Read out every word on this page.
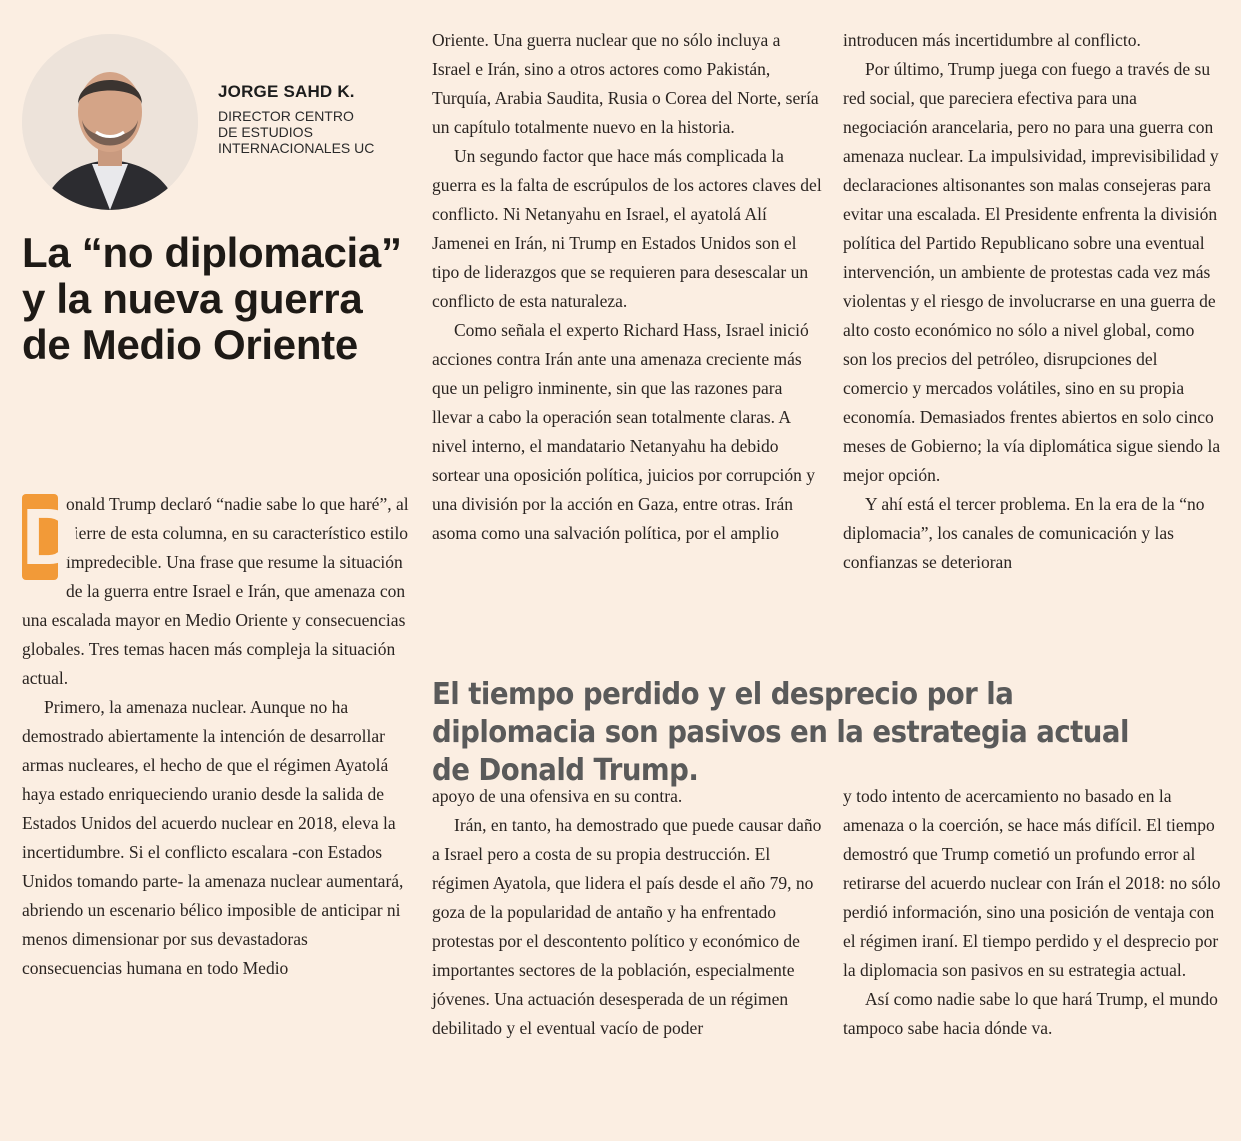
JORGE SAHD K.
DIRECTOR CENTRO
DE ESTUDIOS
INTERNACIONALES UC
La “no diplomacia” y la nueva guerra de Medio Oriente
D

onald Trump declaró “nadie sabe lo que haré”, al cierre de esta columna, en su característico estilo impredecible. Una frase que resume la situación de la guerra entre Israel e Irán, que amenaza con una escalada mayor en Medio Oriente y consecuencias globales. Tres temas hacen más compleja la situación actual.

Primero, la amenaza nuclear. Aunque no ha demostrado abiertamente la intención de desarrollar armas nucleares, el hecho de que el régimen Ayatolá haya estado enriqueciendo uranio desde la salida de Estados Unidos del acuerdo nuclear en 2018, eleva la incertidumbre. Si el conflicto escalara -con Estados Unidos tomando parte- la amenaza nuclear aumentará, abriendo un escenario bélico imposible de anticipar ni menos dimensionar por sus devastadoras consecuencias humana en todo Medio

Oriente. Una guerra nuclear que no sólo incluya a Israel e Irán, sino a otros actores como Pakistán, Turquía, Arabia Saudita, Rusia o Corea del Norte, sería un capítulo totalmente nuevo en la historia.

Un segundo factor que hace más complicada la guerra es la falta de escrúpulos de los actores claves del conflicto. Ni Netanyahu en Israel, el ayatolá Alí Jamenei en Irán, ni Trump en Estados Unidos son el tipo de liderazgos que se requieren para desescalar un conflicto de esta naturaleza.

Como señala el experto Richard Hass, Israel inició acciones contra Irán ante una amenaza creciente más que un peligro inminente, sin que las razones para llevar a cabo la operación sean totalmente claras. A nivel interno, el mandatario Netanyahu ha debido sortear una oposición política, juicios por corrupción y una división por la acción en Gaza, entre otras. Irán asoma como una salvación política, por el amplio

introducen más incertidumbre al conflicto.

Por último, Trump juega con fuego a través de su red social, que pareciera efectiva para una negociación arancelaria, pero no para una guerra con amenaza nuclear. La impulsividad, imprevisibilidad y declaraciones altisonantes son malas consejeras para evitar una escalada. El Presidente enfrenta la división política del Partido Republicano sobre una eventual intervención, un ambiente de protestas cada vez más violentas y el riesgo de involucrarse en una guerra de alto costo económico no sólo a nivel global, como son los precios del petróleo, disrupciones del comercio y mercados volátiles, sino en su propia economía. Demasiados frentes abiertos en solo cinco meses de Gobierno; la vía diplomática sigue siendo la mejor opción.

Y ahí está el tercer problema. En la era de la “no diplomacia”, los canales de comunicación y las confianzas se deterioran

El tiempo perdido y el desprecio por la diplomacia son pasivos en la estrategia actual de Donald Trump.

apoyo de una ofensiva en su contra.

Irán, en tanto, ha demostrado que puede causar daño a Israel pero a costa de su propia destrucción. El régimen Ayatola, que lidera el país desde el año 79, no goza de la popularidad de antaño y ha enfrentado protestas por el descontento político y económico de importantes sectores de la población, especialmente jóvenes. Una actuación desesperada de un régimen debilitado y el eventual vacío de poder

y todo intento de acercamiento no basado en la amenaza o la coerción, se hace más difícil. El tiempo demostró que Trump cometió un profundo error al retirarse del acuerdo nuclear con Irán el 2018: no sólo perdió información, sino una posición de ventaja con el régimen iraní. El tiempo perdido y el desprecio por la diplomacia son pasivos en su estrategia actual.

Así como nadie sabe lo que hará Trump, el mundo tampoco sabe hacia dónde va.
